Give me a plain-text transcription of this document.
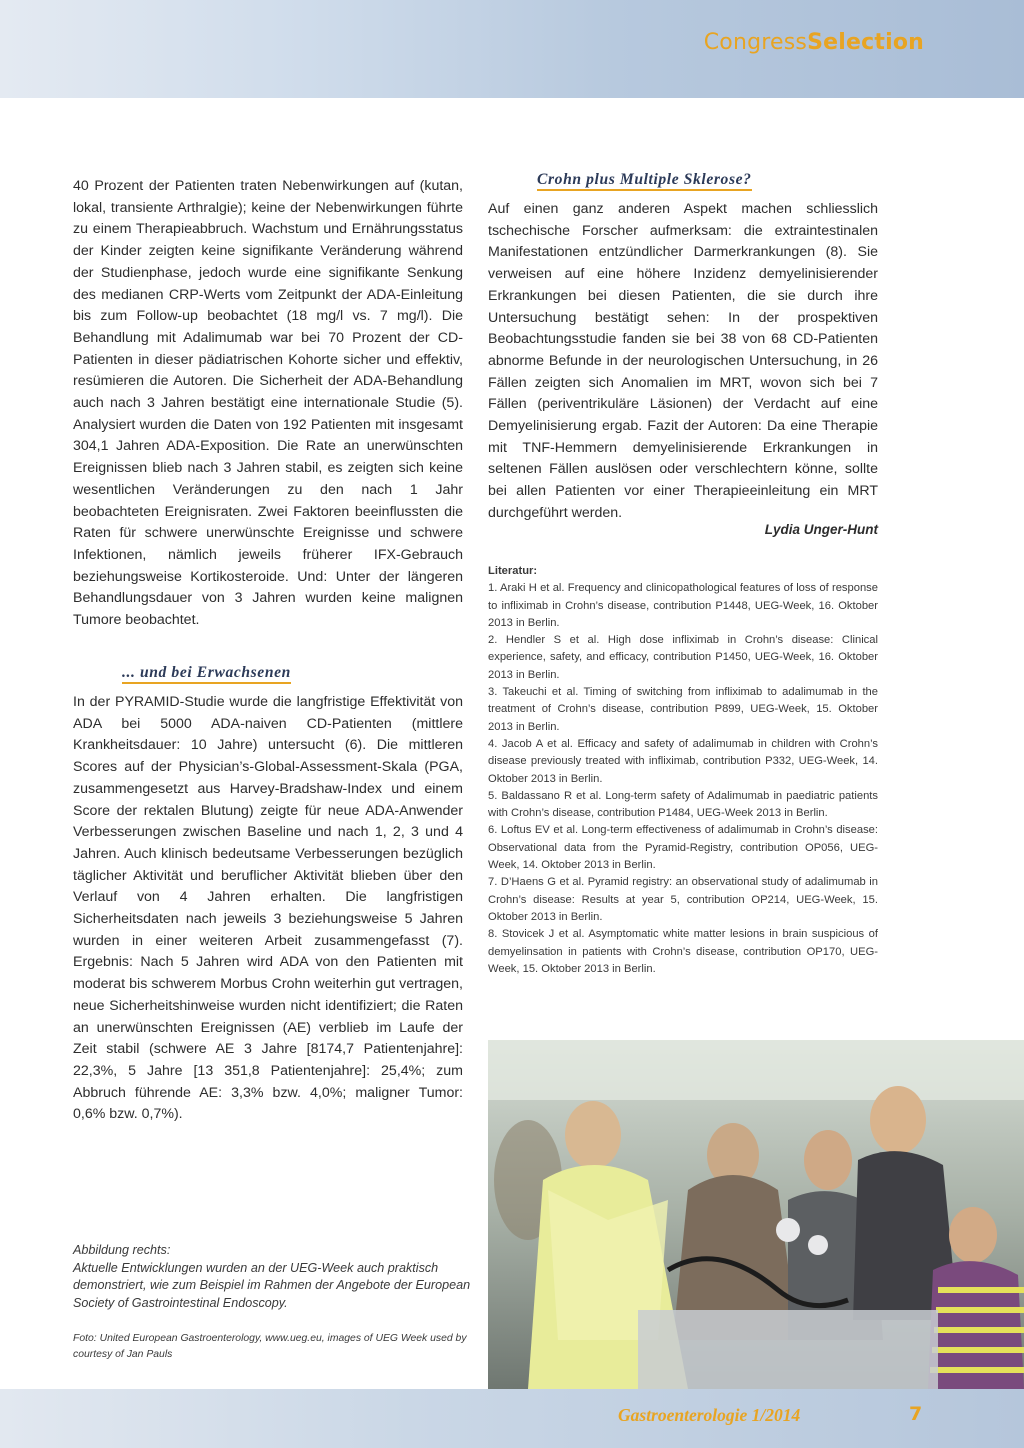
CongressSelection

40 Prozent der Patienten traten Nebenwirkungen auf (kutan, lokal, transiente Arthralgie); keine der Nebenwirkungen führte zu einem Therapieabbruch. Wachstum und Ernährungsstatus der Kinder zeigten keine signifikante Veränderung während der Studienphase, jedoch wurde eine signifikante Senkung des medianen CRP-Werts vom Zeitpunkt der ADA-Einleitung bis zum Follow-up beobachtet (18 mg/l vs. 7 mg/l). Die Behandlung mit Adalimumab war bei 70 Prozent der CD-Patienten in dieser pädiatrischen Kohorte sicher und effektiv, resümieren die Autoren. Die Sicherheit der ADA-Behandlung auch nach 3 Jahren bestätigt eine internationale Studie (5). Analysiert wurden die Daten von 192 Patienten mit insgesamt 304,1 Jahren ADA-Exposition. Die Rate an unerwünschten Ereignissen blieb nach 3 Jahren stabil, es zeigten sich keine wesentlichen Veränderungen zu den nach 1 Jahr beobachteten Ereignisraten. Zwei Faktoren beeinflussten die Raten für schwere unerwünschte Ereignisse und schwere Infektionen, nämlich jeweils früherer IFX-Gebrauch beziehungsweise Kortikosteroide. Und: Unter der längeren Behandlungsdauer von 3 Jahren wurden keine malignen Tumore beobachtet.

... und bei Erwachsenen

In der PYRAMID-Studie wurde die langfristige Effektivität von ADA bei 5000 ADA-naiven CD-Patienten (mittlere Krankheitsdauer: 10 Jahre) untersucht (6). Die mittleren Scores auf der Physician’s-Global-Assessment-Skala (PGA, zusammengesetzt aus Harvey-Bradshaw-Index und einem Score der rektalen Blutung) zeigte für neue ADA-Anwender Verbesserungen zwischen Baseline und nach 1, 2, 3 und 4 Jahren. Auch klinisch bedeutsame Verbesserungen bezüglich täglicher Aktivität und beruflicher Aktivität blieben über den Verlauf von 4 Jahren erhalten. Die langfristigen Sicherheitsdaten nach jeweils 3 beziehungsweise 5 Jahren wurden in einer weiteren Arbeit zusammengefasst (7). Ergebnis: Nach 5 Jahren wird ADA von den Patienten mit moderat bis schwerem Morbus Crohn weiterhin gut vertragen, neue Sicherheitshinweise wurden nicht identifiziert; die Raten an unerwünschten Ereignissen (AE) verblieb im Laufe der Zeit stabil (schwere AE 3 Jahre [8174,7 Patientenjahre]: 22,3%, 5 Jahre [13 351,8 Patientenjahre]: 25,4%; zum Abbruch führende AE: 3,3% bzw. 4,0%; maligner Tumor: 0,6% bzw. 0,7%).

Crohn plus Multiple Sklerose?

Auf einen ganz anderen Aspekt machen schliesslich tschechische Forscher aufmerksam: die extraintestinalen Manifestationen entzündlicher Darmerkrankungen (8). Sie verweisen auf eine höhere Inzidenz demyelinisierender Erkrankungen bei diesen Patienten, die sie durch ihre Untersuchung bestätigt sehen: In der prospektiven Beobachtungsstudie fanden sie bei 38 von 68 CD-Patienten abnorme Befunde in der neurologischen Untersuchung, in 26 Fällen zeigten sich Anomalien im MRT, wovon sich bei 7 Fällen (periventrikuläre Läsionen) der Verdacht auf eine Demyelinisierung ergab. Fazit der Autoren: Da eine Therapie mit TNF-Hemmern demyelinisierende Erkrankungen in seltenen Fällen auslösen oder verschlechtern könne, sollte bei allen Patienten vor einer Therapieeinleitung ein MRT durchgeführt werden.

Lydia Unger-Hunt
Literatur:

1. Araki H et al. Frequency and clinicopathological features of loss of response to infliximab in Crohn’s disease, contribution P1448, UEG-Week, 16. Oktober 2013 in Berlin.

2. Hendler S et al. High dose infliximab in Crohn’s disease: Clinical experience, safety, and efficacy, contribution P1450, UEG-Week, 16. Oktober 2013 in Berlin.

3. Takeuchi et al. Timing of switching from infliximab to adalimumab in the treatment of Crohn’s disease, contribution P899, UEG-Week, 15. Oktober 2013 in Berlin.

4. Jacob A et al. Efficacy and safety of adalimumab in children with Crohn’s disease previously treated with infliximab, contribution P332, UEG-Week, 14. Oktober 2013 in Berlin.

5. Baldassano R et al. Long-term safety of Adalimumab in paediatric patients with Crohn’s disease, contribution P1484, UEG-Week 2013 in Berlin.

6. Loftus EV et al. Long-term effectiveness of adalimumab in Crohn’s disease: Observational data from the Pyramid-Registry, contribution OP056, UEG-Week, 14. Oktober 2013 in Berlin.

7. D’Haens G et al. Pyramid registry: an observational study of adalimumab in Crohn’s disease: Results at year 5, contribution OP214, UEG-Week, 15. Oktober 2013 in Berlin.

8. Stovicek J et al. Asymptomatic white matter lesions in brain suspicious of demyelinsation in patients with Crohn’s disease, contribution OP170, UEG-Week, 15. Oktober 2013 in Berlin.

Abbildung rechts:
Aktuelle Entwicklungen wurden an der UEG-Week auch praktisch demonstriert, wie zum Beispiel im Rahmen der Angebote der European Society of Gastrointestinal Endoscopy.
Foto: United European Gastroenterology, www.ueg.eu, images of UEG Week used by courtesy of Jan Pauls
Gastroenterologie 1/2014	7
